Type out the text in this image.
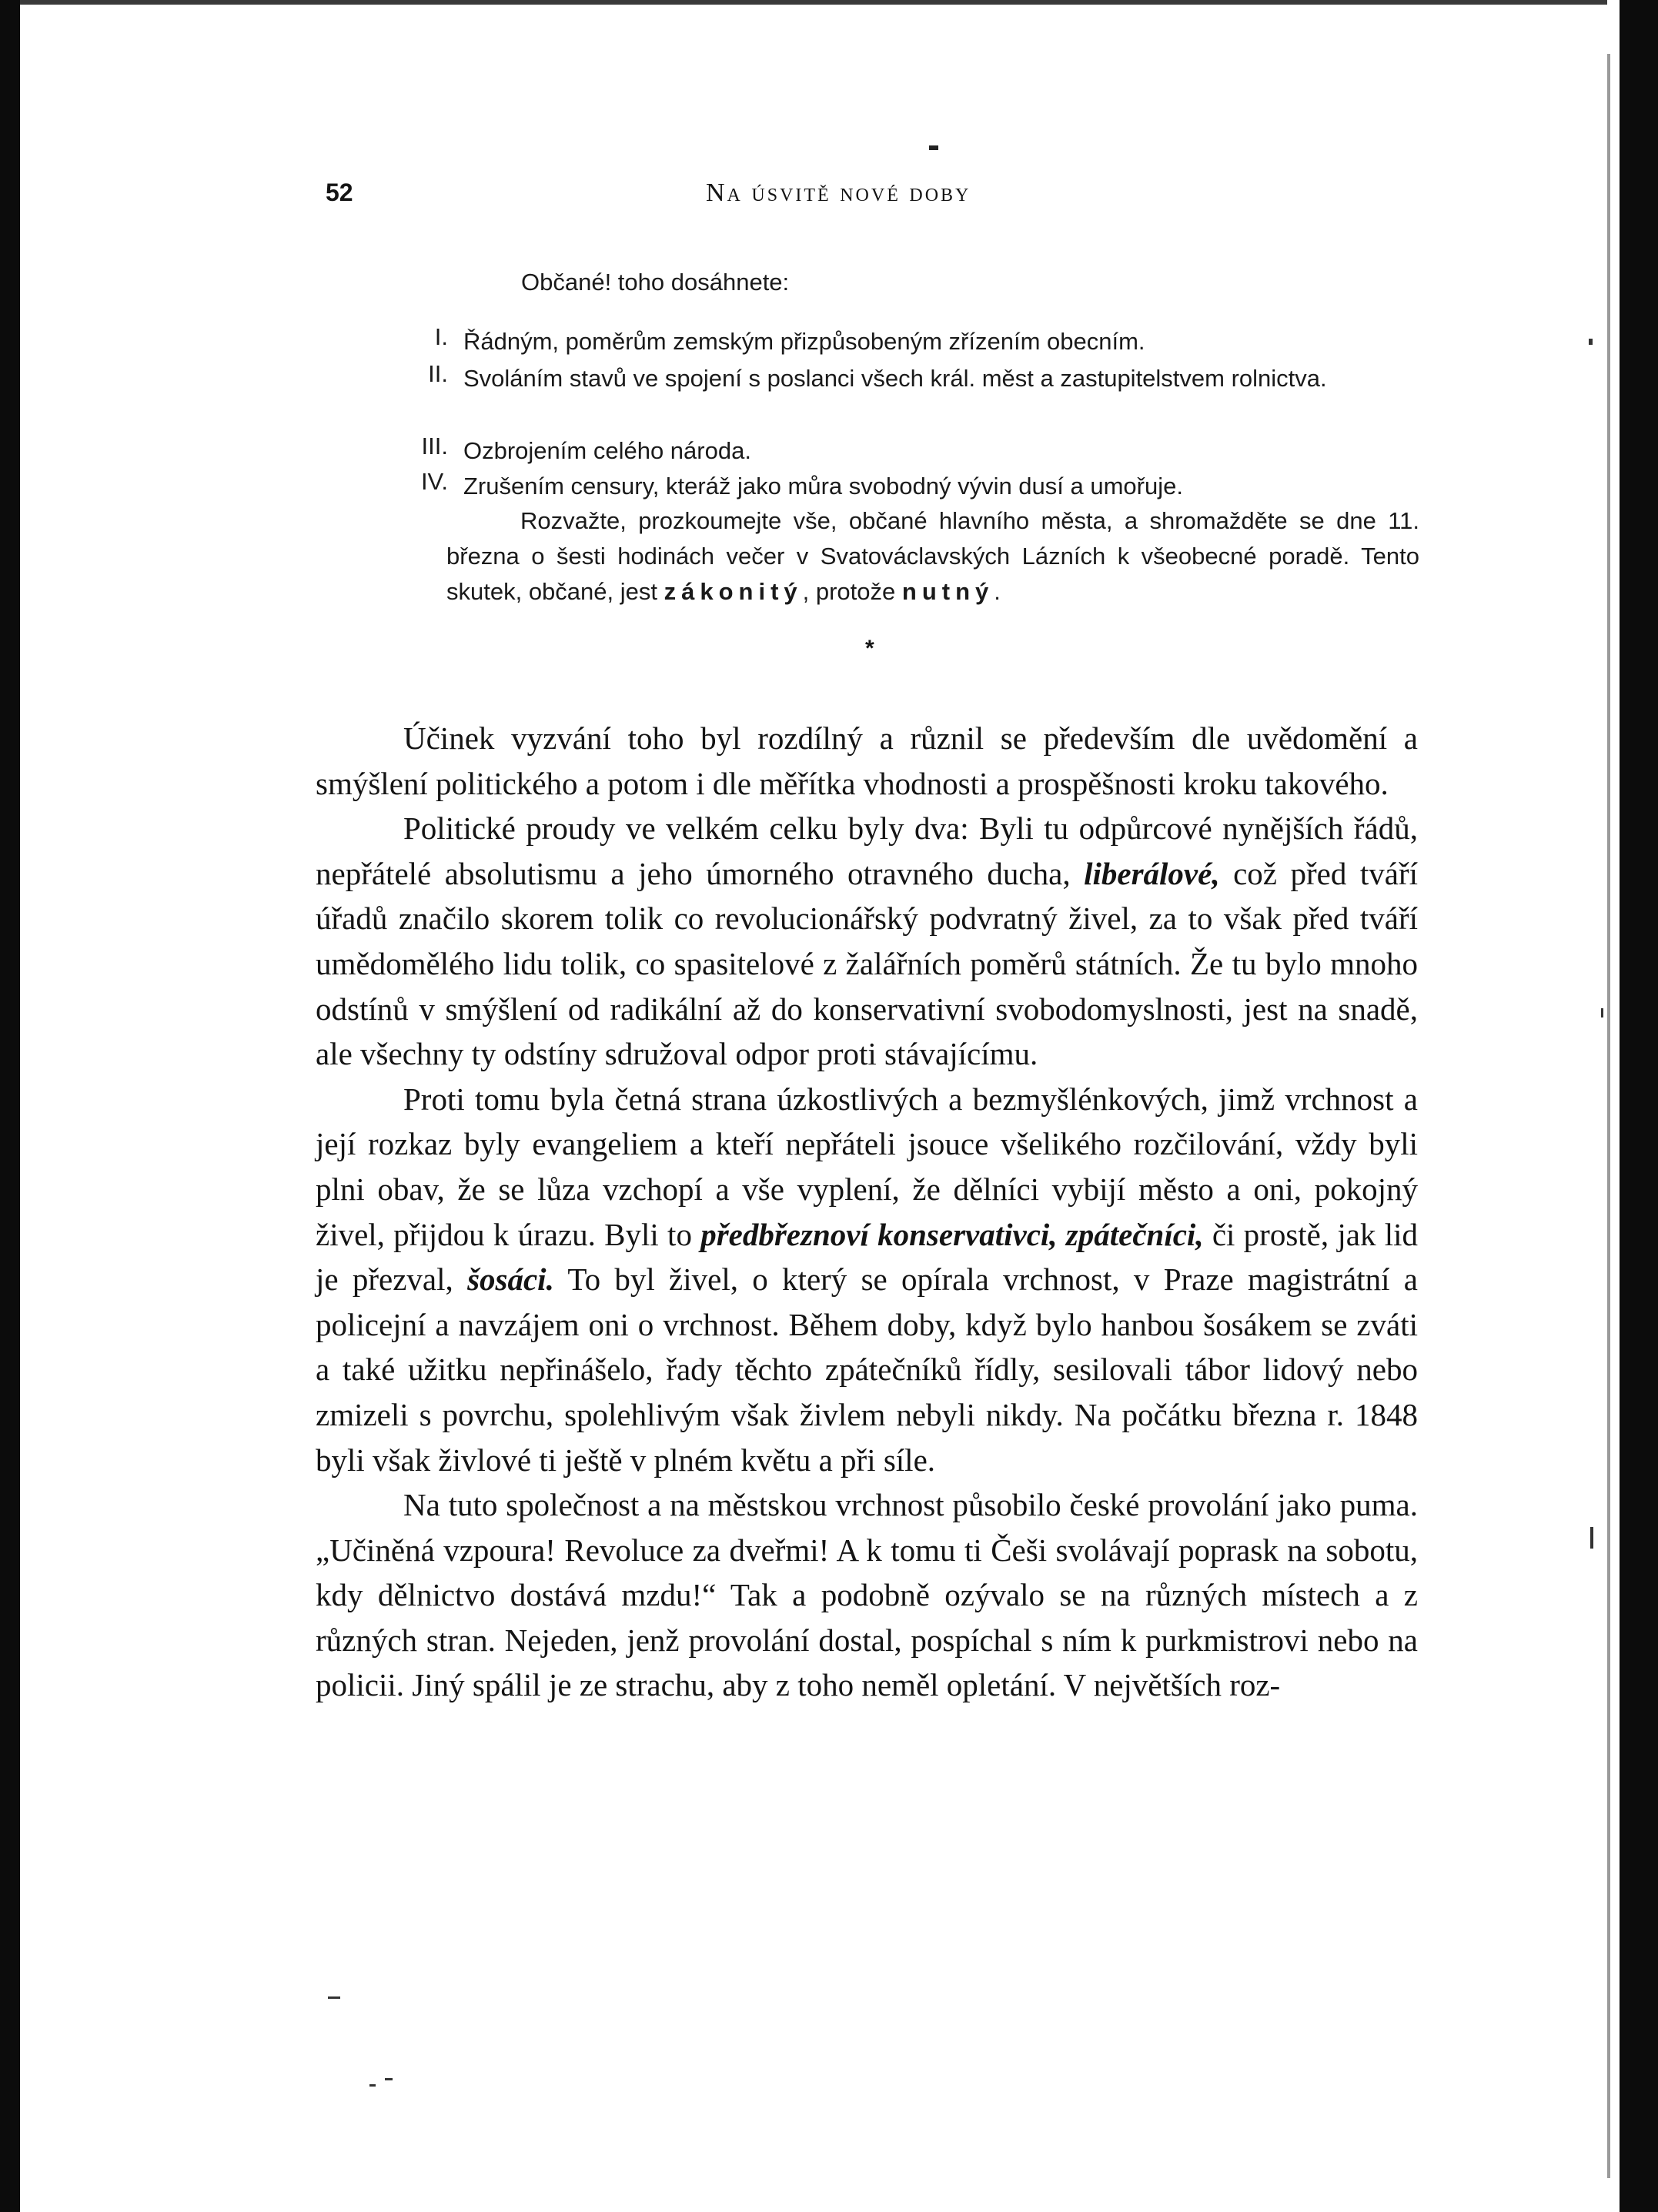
52	Na úsvitě nové doby
Občané! toho dosáhnete:
I. Řádným, poměrům zemským přizpůsobeným zřízením obecním.
II. Svoláním stavů ve spojení s poslanci všech král. měst a zastupitelstvem rolnictva.
III. Ozbrojením celého národa.
IV. Zrušením censury, kteráž jako můra svobodný vývin dusí a umořuje.
Rozvažte, prozkoumejte vše, občané hlavního města, a shromažděte se dne 11. března o šesti hodinách večer v Svatováclavských Lázních k všeobecné poradě. Tento skutek, občané, jest zákonitý, protože nutný.
*

Účinek vyzvání toho byl rozdílný a různil se především dle uvědomění a smýšlení politického a potom i dle měřítka vhodnosti a prospěšnosti kroku takového.

Politické proudy ve velkém celku byly dva: Byli tu odpůrcové nynějších řádů, nepřátelé absolutismu a jeho úmorného otravného ducha, liberálové, což před tváří úřadů značilo skorem tolik co revolucionářský podvratný živel, za to však před tváří umědomělého lidu tolik, co spasitelové z žalářních poměrů státních. Že tu bylo mnoho odstínů v smýšlení od radikální až do konservativní svobodomyslnosti, jest na snadě, ale všechny ty odstíny sdružoval odpor proti stávajícímu.

Proti tomu byla četná strana úzkostlivých a bezmyšlénkových, jimž vrchnost a její rozkaz byly evangeliem a kteří nepřáteli jsouce všelikého rozčilování, vždy byli plni obav, že se lůza vzchopí a vše vyplení, že dělníci vybijí město a oni, pokojný živel, přijdou k úrazu. Byli to předbřeznoví konservativci, zpátečníci, či prostě, jak lid je přezval, šosáci. To byl živel, o který se opírala vrchnost, v Praze magistrátní a policejní a navzájem oni o vrchnost. Během doby, když bylo hanbou šosákem se zváti a také užitku nepřinášelo, řady těchto zpátečníků řídly, sesilovali tábor lidový nebo zmizeli s povrchu, spolehlivým však živlem nebyli nikdy. Na počátku března r. 1848 byli však živlové ti ještě v plném květu a při síle.

Na tuto společnost a na městskou vrchnost působilo české provolání jako puma. „Učiněná vzpoura! Revoluce za dveřmi! A k tomu ti Češi svolávají poprask na sobotu, kdy dělnictvo dostává mzdu!“ Tak a podobně ozývalo se na různých místech a z různých stran. Nejeden, jenž provolání dostal, pospíchal s ním k purkmistrovi nebo na policii. Jiný spálil je ze strachu, aby z toho neměl opletání. V největších roz-
